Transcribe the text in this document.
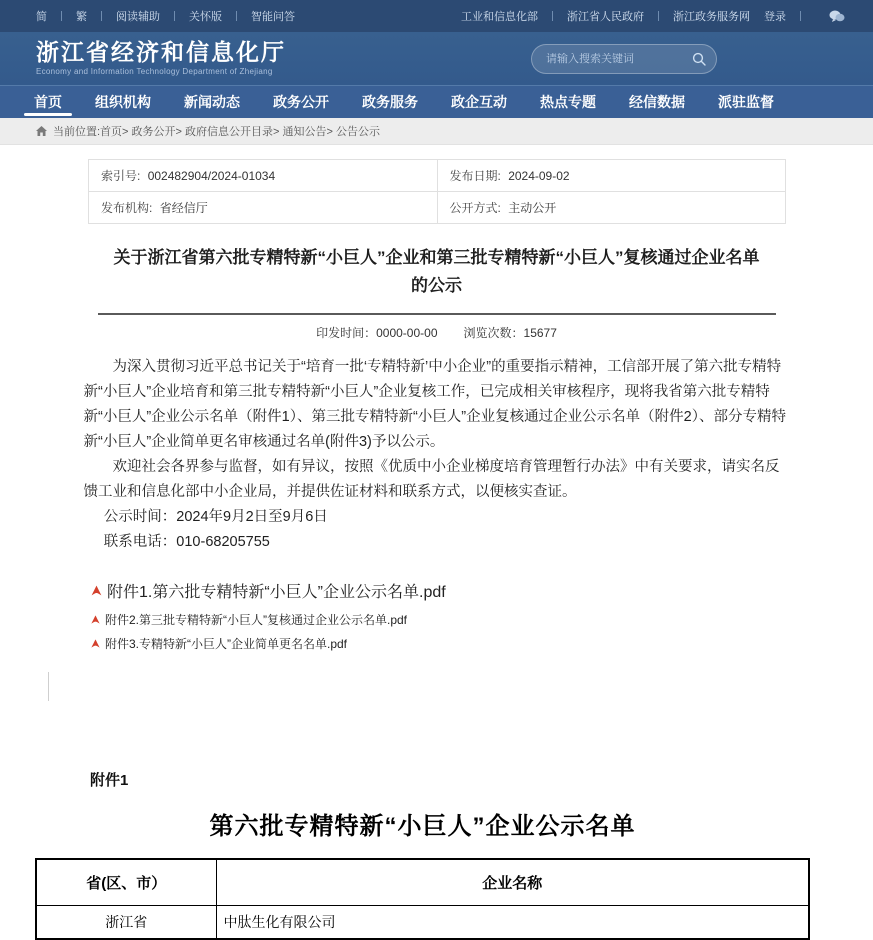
简	繁	阅读辅助	关怀版	智能问答	工业和信息化部	浙江省人民政府	浙江政务服务网 登录
浙江省经济和信息化厅
Economy and Information Technology Department of Zhejiang
请输入搜索关键词
首页 组织机构 新闻动态 政务公开 政务服务 政企互动 热点专题 经信数据 派驻监督
当前位置:首页> 政务公开> 政府信息公开目录> 通知公告> 公告公示
索引号: 002482904/2024-01034	发布日期: 2024-09-02
发布机构: 省经信厅	公开方式: 主动公开
关于浙江省第六批专精特新“小巨人”企业和第三批专精特新“小巨人”复核通过企业名单的公示
印发时间：0000-00-00 浏览次数：15677

为深入贯彻习近平总书记关于“培育一批‘专精特新’中小企业”的重要指示精神，工信部开展了第六批专精特新“小巨人”企业培育和第三批专精特新“小巨人”企业复核工作，已完成相关审核程序，现将我省第六批专精特新“小巨人”企业公示名单（附件1）、第三批专精特新“小巨人”企业复核通过企业公示名单（附件2）、部分专精特新“小巨人”企业简单更名审核通过名单(附件3)予以公示。

欢迎社会各界参与监督，如有异议，按照《优质中小企业梯度培育管理暂行办法》中有关要求，请实名反馈工业和信息化部中小企业局，并提供佐证材料和联系方式，以便核实查证。

公示时间：2024年9月2日至9月6日
联系电话：010-68205755
附件1.第六批专精特新“小巨人”企业公示名单.pdf
附件2.第三批专精特新“小巨人”复核通过企业公示名单.pdf
附件3.专精特新“小巨人”企业简单更名名单.pdf
附件1
第六批专精特新“小巨人”企业公示名单
省(区、市）	企业名称
浙江省	中肽生化有限公司
